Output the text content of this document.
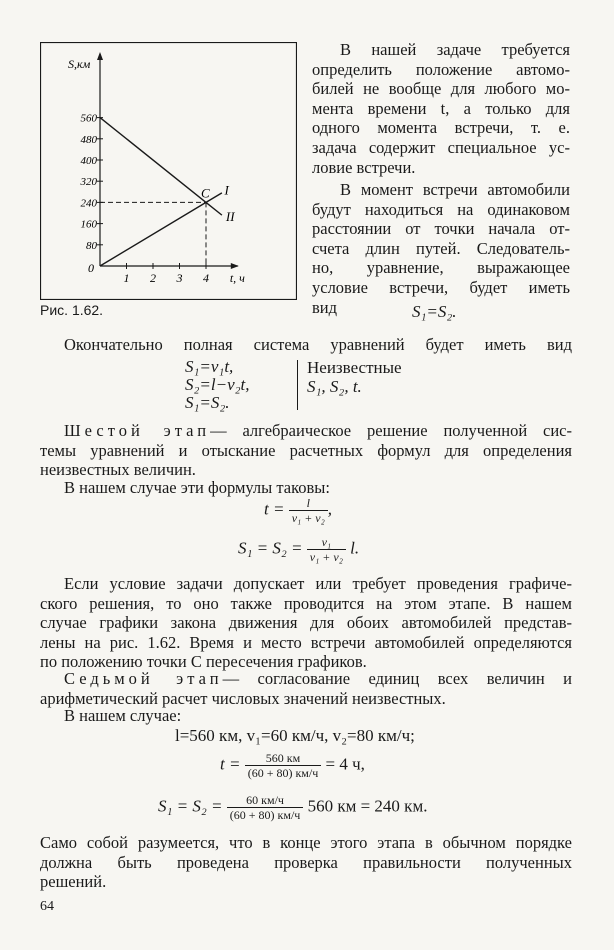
S,км
t, ч
0
80
160
240
320
400
480
560
1 2 3 4
C I
II
Рис. 1.62.
В нашей задаче требуется
определить положение автомо-
билей не вообще для любого мо-
мента времени t, а только для
одного момента встречи, т. е.
задача содержит специальное ус-
ловие встречи.
В момент встречи автомобили
будут находиться на одинаковом
расстоянии от точки начала от-
счета длин путей. Следователь-
но, уравнение, выражающее
условие встречи, будет иметь
вид	S₁=S₂.
Окончательно полная система уравнений будет иметь вид
S₁=v₁t,
S₂=l−v₂t,
S₁=S₂.
Неизвестные
S₁, S₂, t.
Шестой этап— алгебраическое решение полученной сис-
темы уравнений и отыскание расчетных формул для определения
неизвестных величин.
В нашем случае эти формулы таковы:
$t = \frac{l}{\text{v₁ + v₂}}$ ,
$S_1 = S_2 = \frac{\text{v₁}}{\text{v₁ + v₂}} l$.
Если условие задачи допускает или требует проведения графиче-
ского решения, то оно также проводится на этом этапе. В нашем
случае графики закона движения для обоих автомобилей представ-
лены на рис. 1.62. Время и место встречи автомобилей определяются
по положению точки C пересечения графиков.
Седьмой этап— согласование единиц всех величин и
арифметический расчет числовых значений неизвестных.
В нашем случае:
l=560 км, v₁=60 км/ч, v₂=80 км/ч;
$t = \frac{560 км}{(60 + 80) км/ч} = 4$ ч,
$S_1 = S_2 = \frac{60 км/ч}{(60 + 80) км/ч} 560$ км = 240 км.
Само собой разумеется, что в конце этого этапа в обычном порядке
должна быть проведена проверка правильности полученных
решений.
64
